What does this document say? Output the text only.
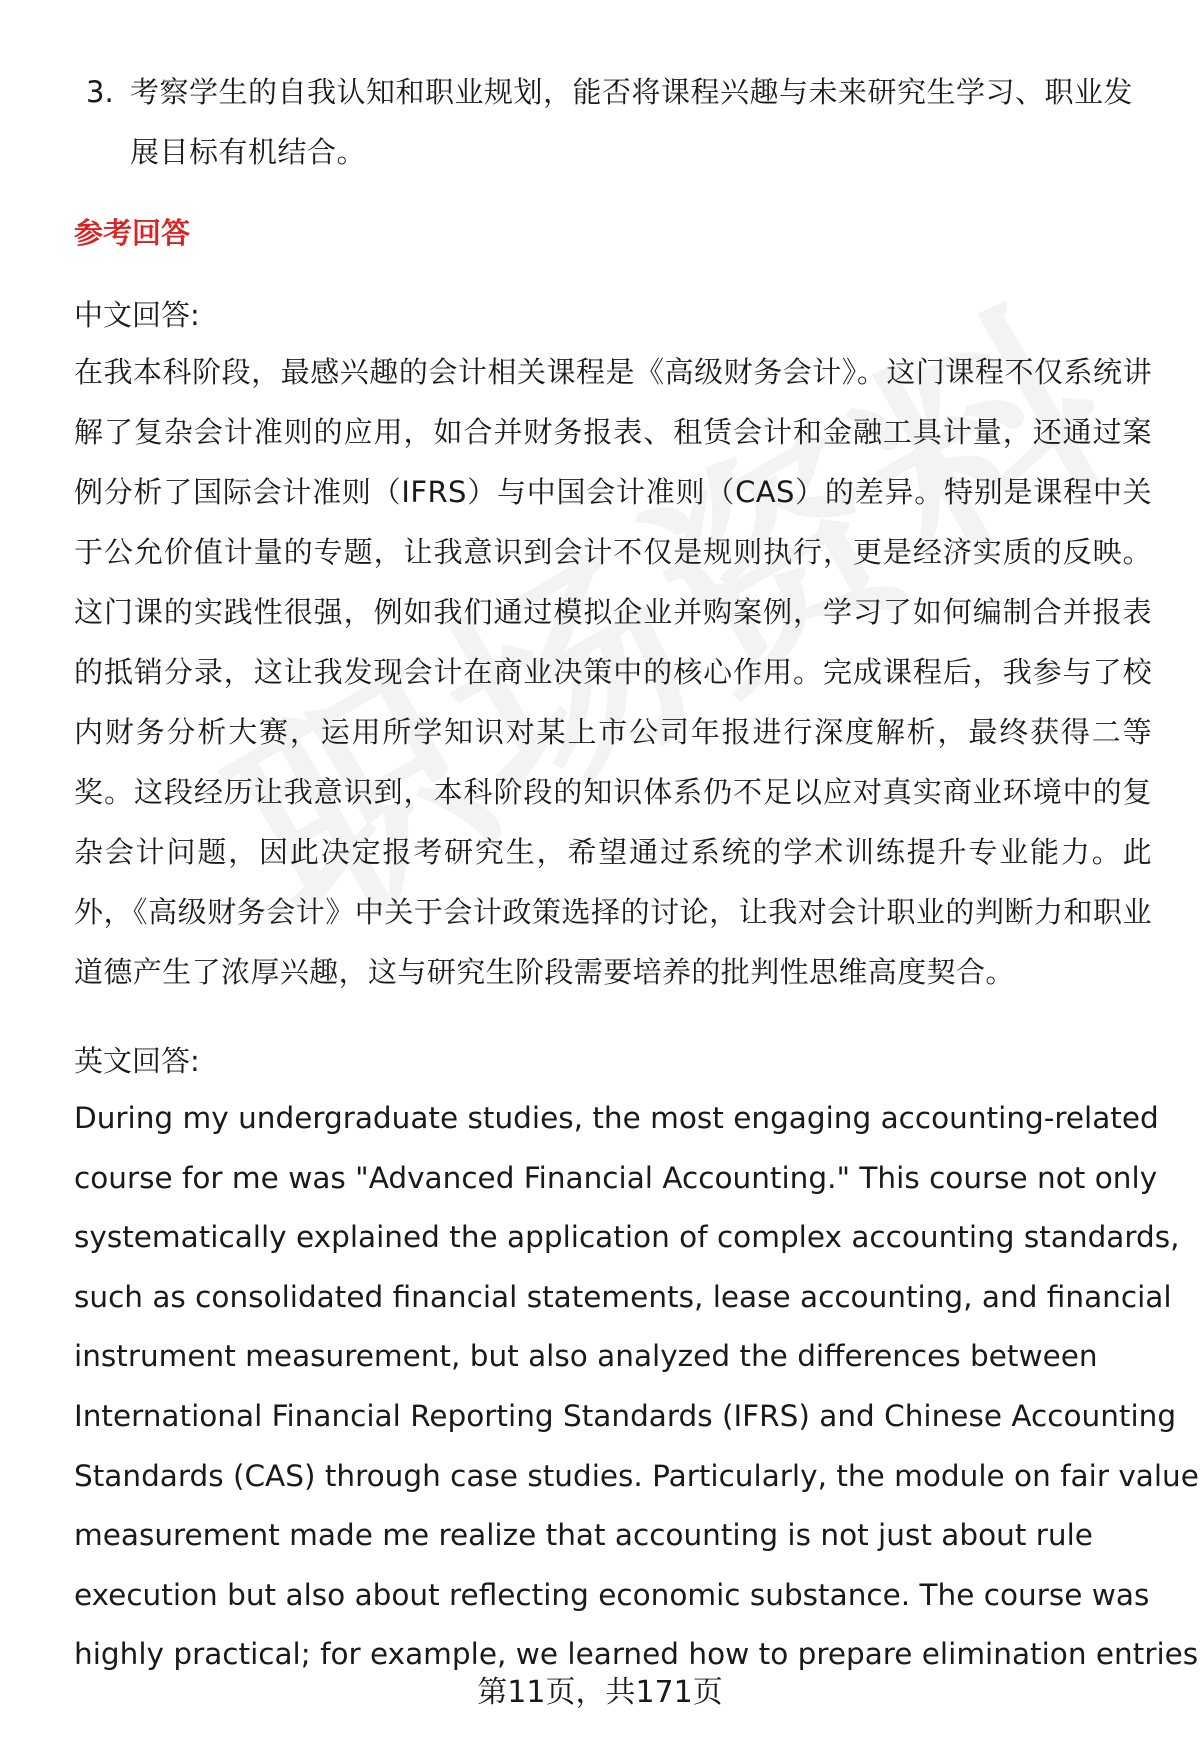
3. 考察学生的自我认知和职业规划，能否将课程兴趣与未来研究生学习、职业发展目标有机结合。
参考回答
中文回答:
在我本科阶段，最感兴趣的会计相关课程是《高级财务会计》。这门课程不仅系统讲解了复杂会计准则的应用，如合并财务报表、租赁会计和金融工具计量，还通过案例分析了国际会计准则（IFRS）与中国会计准则（CAS）的差异。特别是课程中关于公允价值计量的专题，让我意识到会计不仅是规则执行，更是经济实质的反映。这门课的实践性很强，例如我们通过模拟企业并购案例，学习了如何编制合并报表的抵销分录，这让我发现会计在商业决策中的核心作用。完成课程后，我参与了校内财务分析大赛，运用所学知识对某上市公司年报进行深度解析，最终获得二等奖。这段经历让我意识到，本科阶段的知识体系仍不足以应对真实商业环境中的复杂会计问题，因此决定报考研究生，希望通过系统的学术训练提升专业能力。此外，《高级财务会计》中关于会计政策选择的讨论，让我对会计职业的判断力和职业道德产生了浓厚兴趣，这与研究生阶段需要培养的批判性思维高度契合。
英文回答:
During my undergraduate studies, the most engaging accounting-related
course for me was "Advanced Financial Accounting." This course not only
systematically explained the application of complex accounting standards,
such as consolidated financial statements, lease accounting, and financial
instrument measurement, but also analyzed the differences between
International Financial Reporting Standards (IFRS) and Chinese Accounting
Standards (CAS) through case studies. Particularly, the module on fair value
measurement made me realize that accounting is not just about rule
execution but also about reflecting economic substance. The course was
highly practical; for example, we learned how to prepare elimination entries
第11页，共171页
